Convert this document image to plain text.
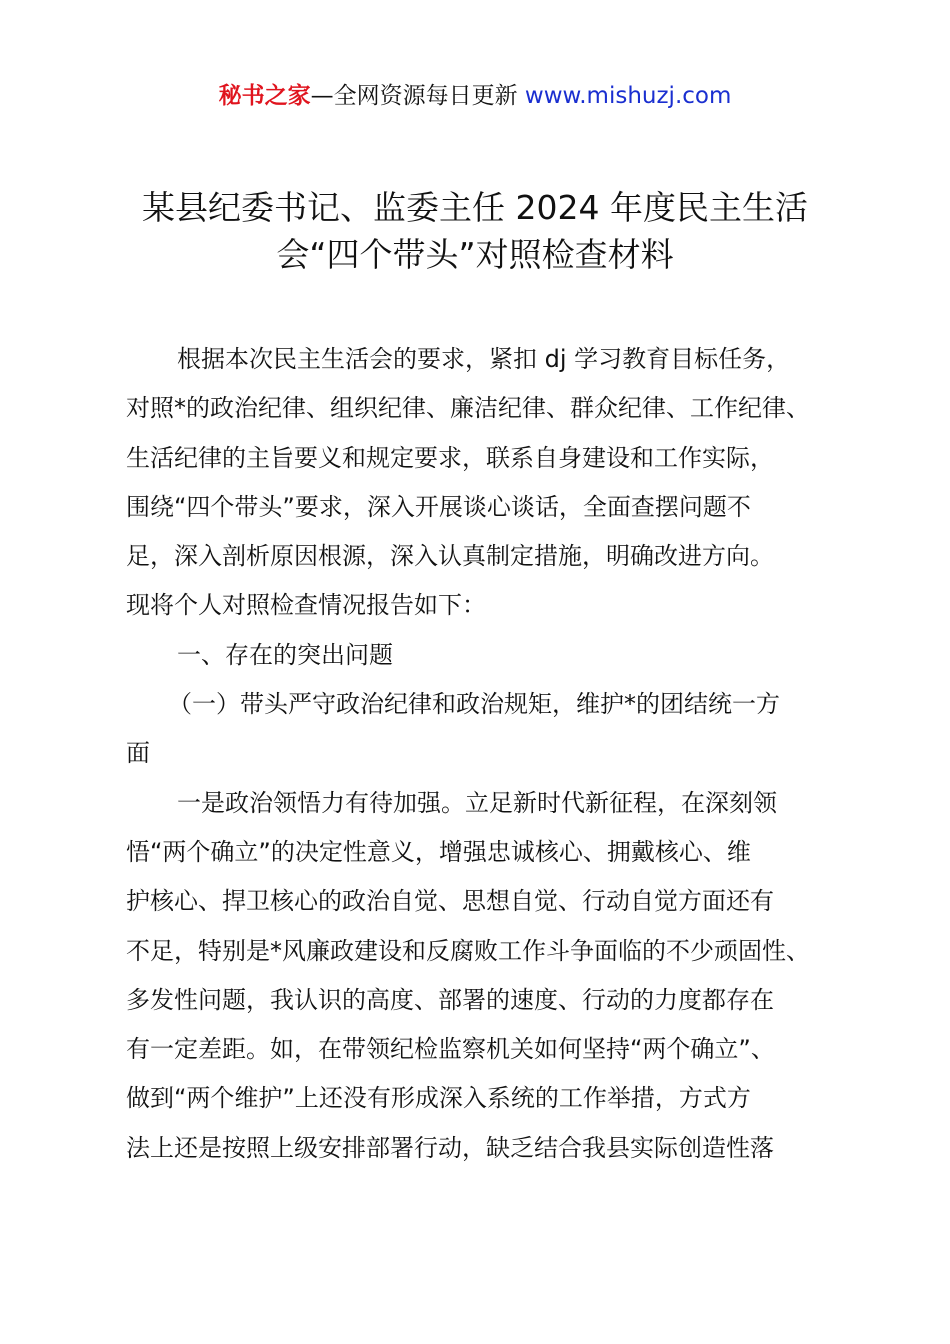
秘书之家—全网资源每日更新 www.mishuzj.com
某县纪委书记、监委主任 2024 年度民主生活
会“四个带头”对照检查材料
根据本次民主生活会的要求，紧扣 dj 学习教育目标任务，
对照*的政治纪律、组织纪律、廉洁纪律、群众纪律、工作纪律、
生活纪律的主旨要义和规定要求，联系自身建设和工作实际，
围绕“四个带头”要求，深入开展谈心谈话，全面查摆问题不
足，深入剖析原因根源，深入认真制定措施，明确改进方向。
现将个人对照检查情况报告如下：
一、存在的突出问题
（一）带头严守政治纪律和政治规矩，维护*的团结统一方
面
一是政治领悟力有待加强。立足新时代新征程，在深刻领
悟“两个确立”的决定性意义，增强忠诚核心、拥戴核心、维
护核心、捍卫核心的政治自觉、思想自觉、行动自觉方面还有
不足，特别是*风廉政建设和反腐败工作斗争面临的不少顽固性、
多发性问题，我认识的高度、部署的速度、行动的力度都存在
有一定差距。如，在带领纪检监察机关如何坚持“两个确立”、
做到“两个维护”上还没有形成深入系统的工作举措，方式方
法上还是按照上级安排部署行动，缺乏结合我县实际创造性落
